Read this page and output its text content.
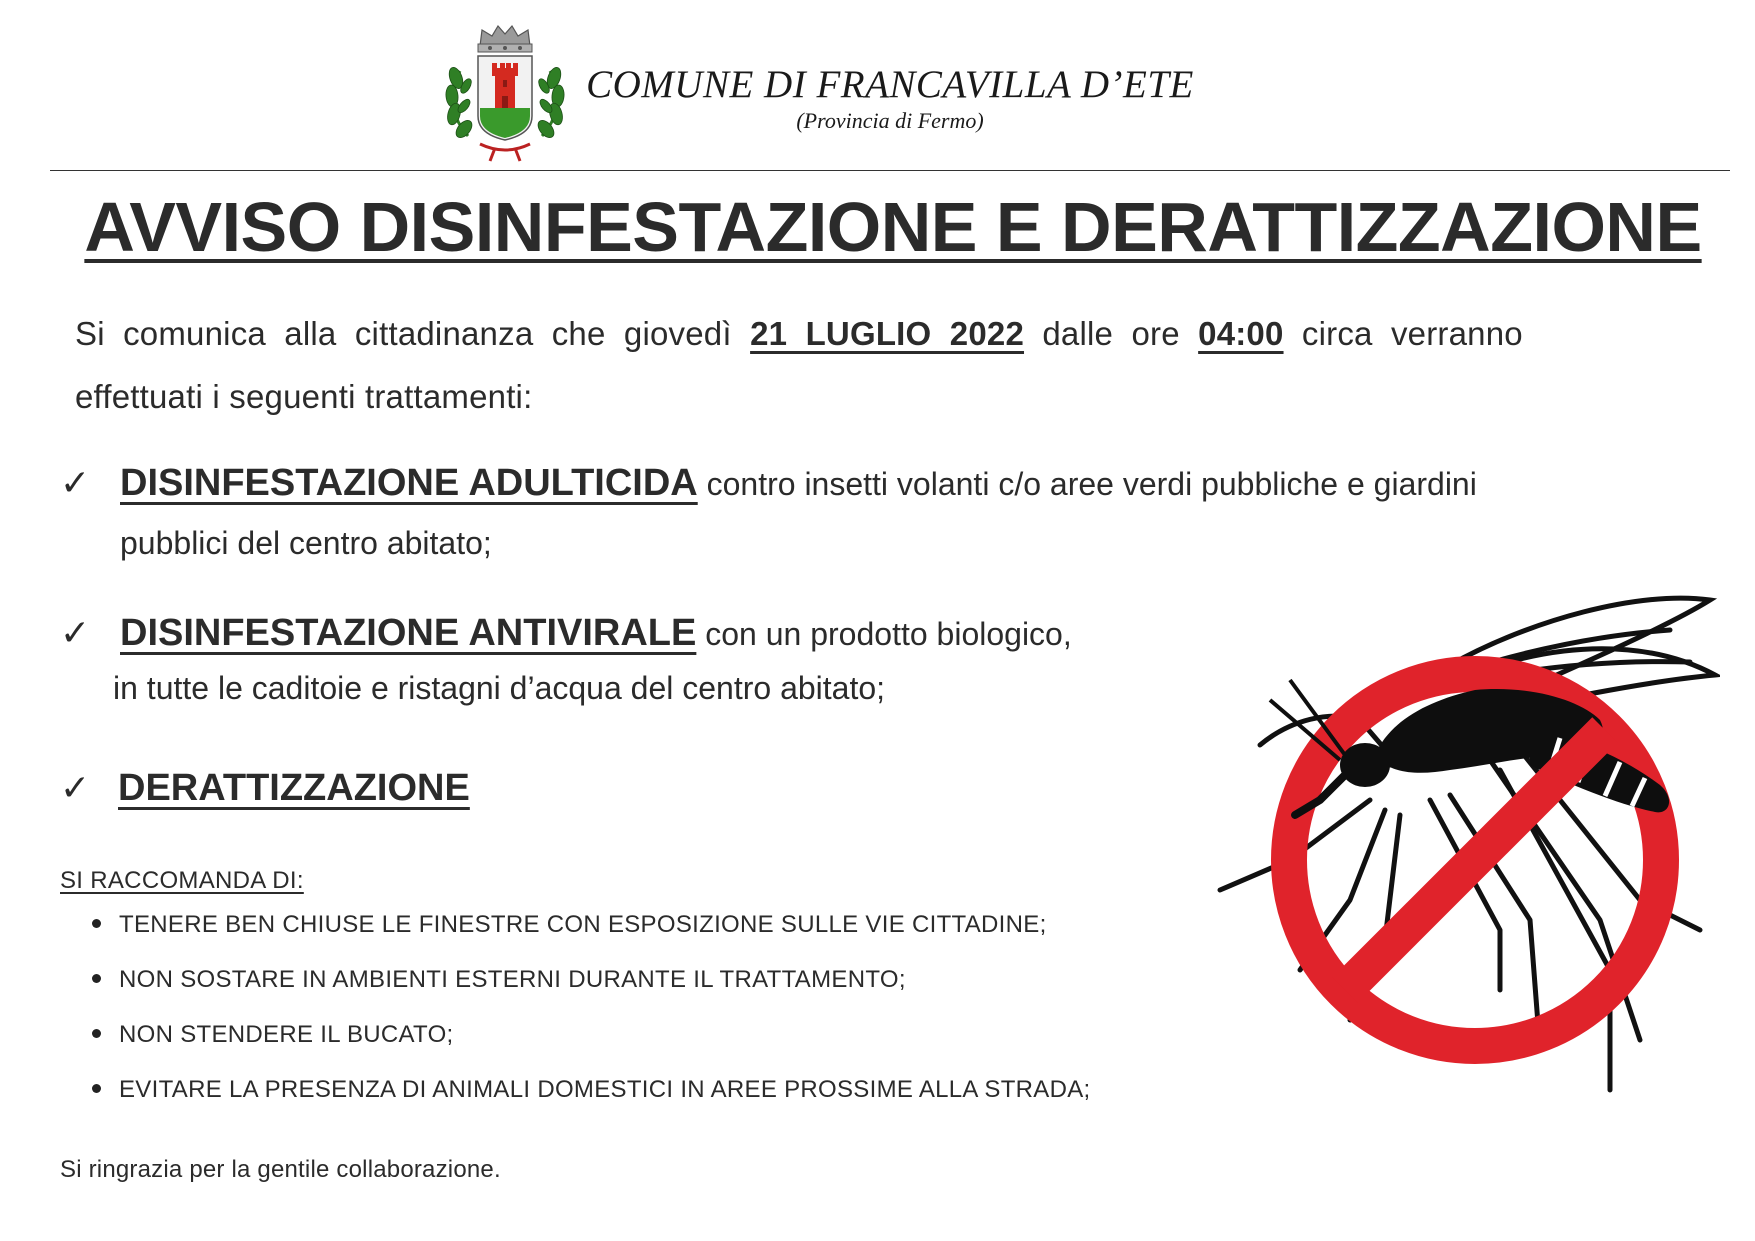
COMUNE DI FRANCAVILLA D’ETE
(Provincia di Fermo)
AVVISO DISINFESTAZIONE E DERATTIZZAZIONE
Si comunica alla cittadinanza che giovedì 21 LUGLIO 2022 dalle ore 04:00 circa verranno
effettuati i seguenti trattamenti:
✓ DISINFESTAZIONE ADULTICIDA contro insetti volanti c/o aree verdi pubbliche e giardini
pubblici del centro abitato;
✓ DISINFESTAZIONE ANTIVIRALE con un prodotto biologico,
in tutte le caditoie e ristagni d’acqua del centro abitato;
✓ DERATTIZZAZIONE
SI RACCOMANDA DI:
TENERE BEN CHIUSE LE FINESTRE CON ESPOSIZIONE SULLE VIE CITTADINE;
NON SOSTARE IN AMBIENTI ESTERNI DURANTE IL TRATTAMENTO;
NON STENDERE IL BUCATO;
EVITARE LA PRESENZA DI ANIMALI DOMESTICI IN AREE PROSSIME ALLA STRADA;
Si ringrazia per la gentile collaborazione.
